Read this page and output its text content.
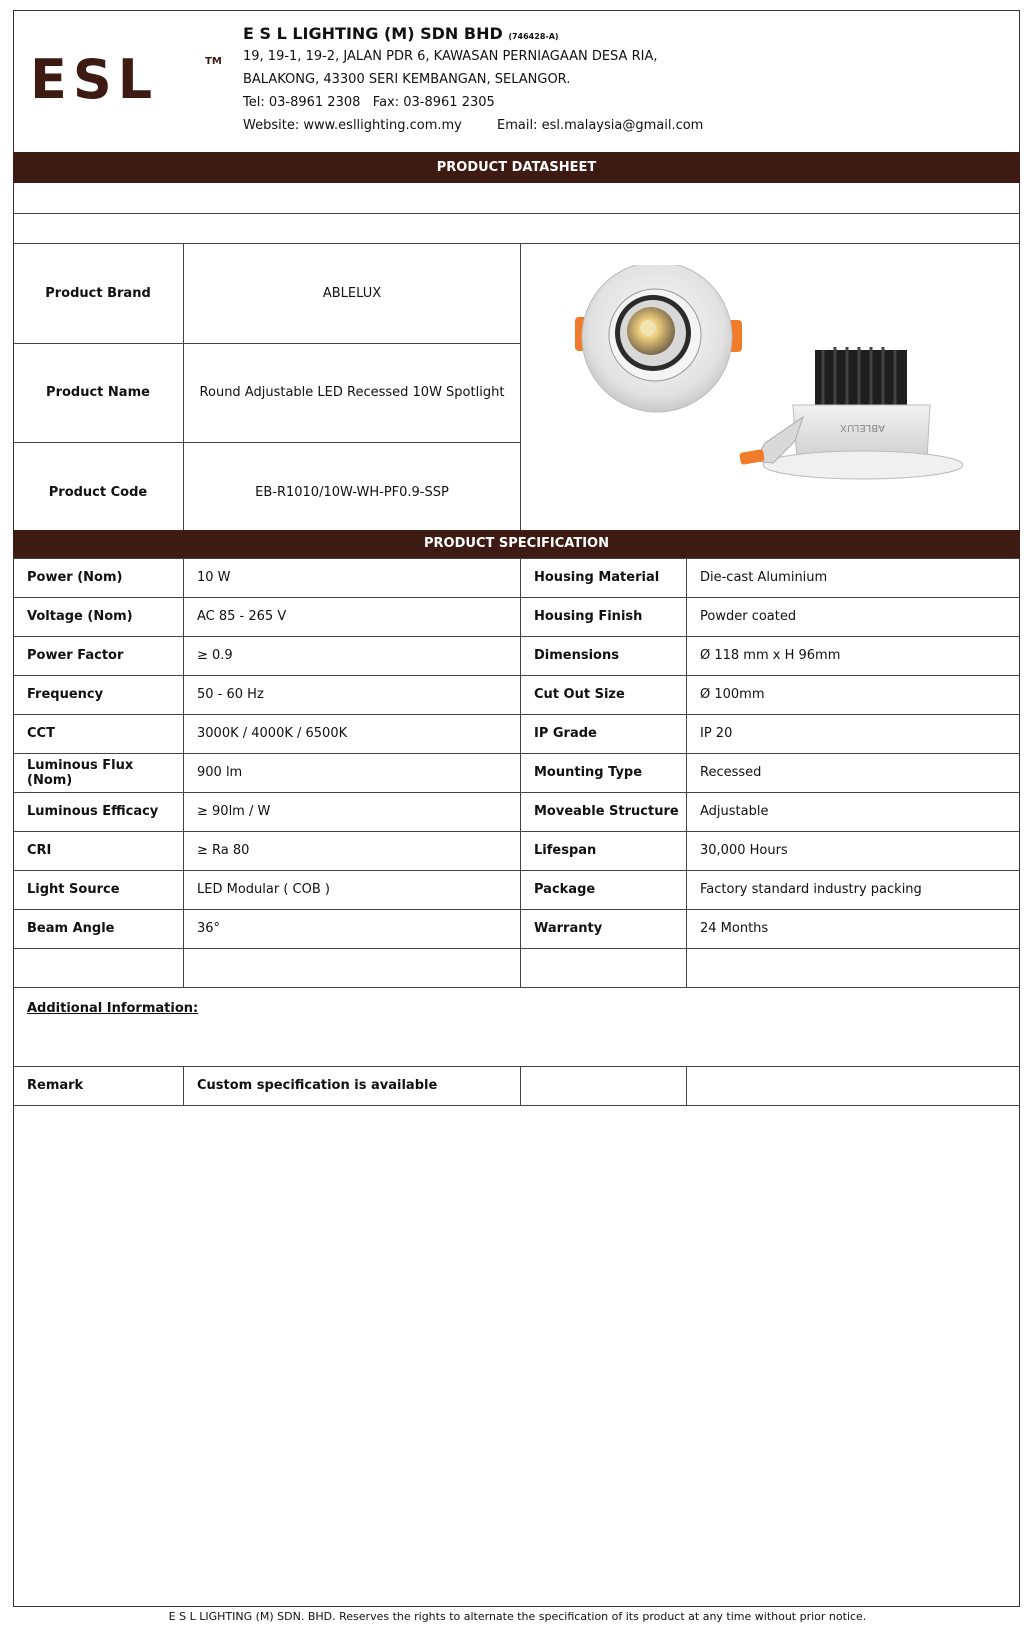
ESL	TM
E S L LIGHTING (M) SDN BHD (746428-A)
19, 19-1, 19-2, JALAN PDR 6, KAWASAN PERNIAGAAN DESA RIA,
BALAKONG, 43300 SERI KEMBANGAN, SELANGOR.
Tel: 03-8961 2308   Fax: 03-8961 2305
Website: www.esllighting.com.my	Email: esl.malaysia@gmail.com
PRODUCT DATASHEET
Product Brand	ABLELUX
Product Name	Round Adjustable LED Recessed 10W Spotlight
Product Code	EB-R1010/10W-WH-PF0.9-SSP
ABLELUX
PRODUCT SPECIFICATION
Power (Nom)	10 W	Housing Material	Die-cast Aluminium
Voltage (Nom)	AC 85 - 265 V	Housing Finish	Powder coated
Power Factor	≥ 0.9	Dimensions	Ø 118 mm x H 96mm
Frequency	50 - 60 Hz	Cut Out Size	Ø 100mm
CCT	3000K / 4000K / 6500K	IP Grade	IP 20
Luminous Flux (Nom)	900 lm	Mounting Type	Recessed
Luminous Efficacy	≥ 90lm / W	Moveable Structure	Adjustable
CRI	≥ Ra 80	Lifespan	30,000 Hours
Light Source	LED Modular ( COB )	Package	Factory standard industry packing
Beam Angle	36°	Warranty	24 Months
Additional Information:
Remark	Custom specification is available
E S L LIGHTING (M) SDN. BHD. Reserves the rights to alternate the specification of its product at any time without prior notice.
